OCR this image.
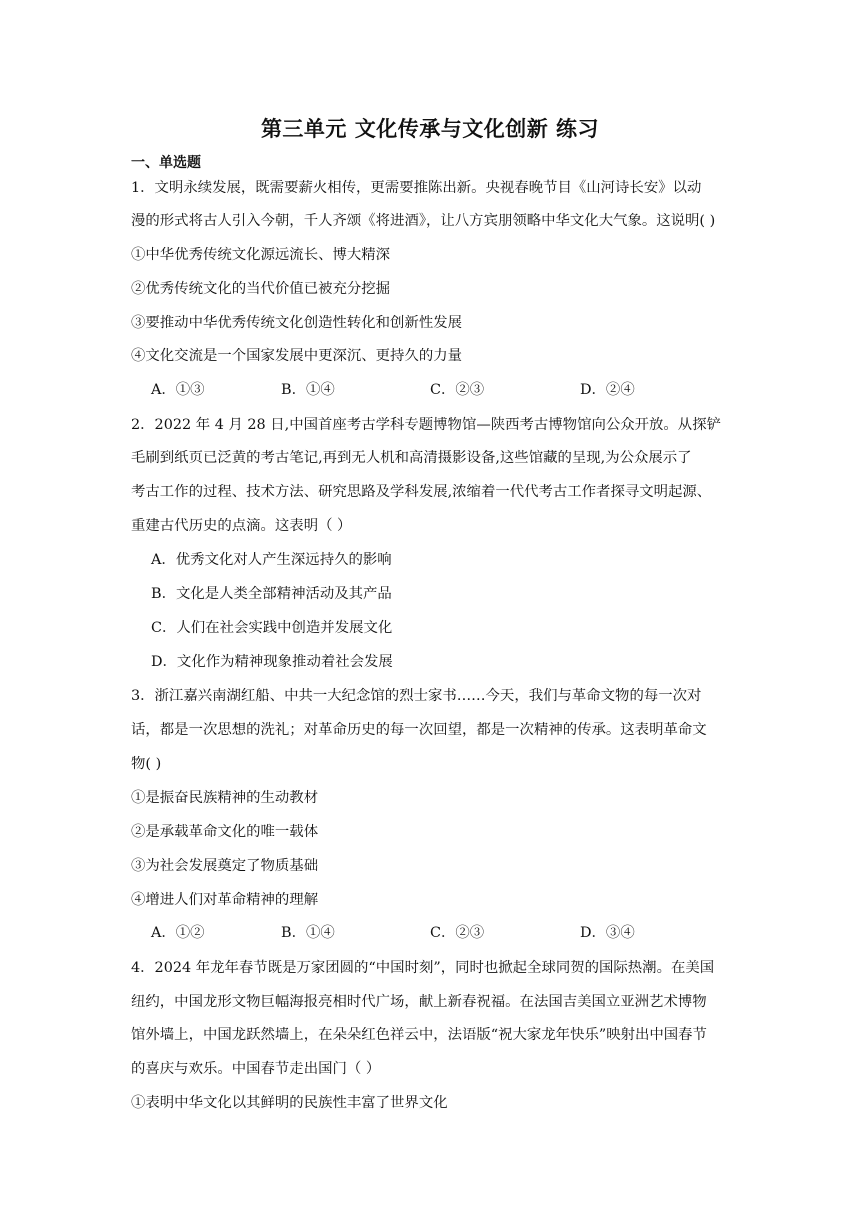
第三单元 文化传承与文化创新 练习
一、单选题
1．文明永续发展，既需要薪火相传，更需要推陈出新。央视春晚节目《山河诗长安》以动
漫的形式将古人引入今朝，千人齐颂《将进酒》，让八方宾朋领略中华文化大气象。这说明( )
①中华优秀传统文化源远流长、博大精深
②优秀传统文化的当代价值已被充分挖掘
③要推动中华优秀传统文化创造性转化和创新性发展
④文化交流是一个国家发展中更深沉、更持久的力量
A．①③	B．①④	C．②③	D．②④
2．2022 年 4 月 28 日,中国首座考古学科专题博物馆—陕西考古博物馆向公众开放。从探铲
毛刷到纸页已泛黄的考古笔记,再到无人机和高清摄影设备,这些馆藏的呈现,为公众展示了
考古工作的过程、技术方法、研究思路及学科发展,浓缩着一代代考古工作者探寻文明起源、
重建古代历史的点滴。这表明（ ）
A．优秀文化对人产生深远持久的影响
B．文化是人类全部精神活动及其产品
C．人们在社会实践中创造并发展文化
D．文化作为精神现象推动着社会发展
3．浙江嘉兴南湖红船、中共一大纪念馆的烈士家书……今天，我们与革命文物的每一次对
话，都是一次思想的洗礼；对革命历史的每一次回望，都是一次精神的传承。这表明革命文
物( )
①是振奋民族精神的生动教材
②是承载革命文化的唯一载体
③为社会发展奠定了物质基础
④增进人们对革命精神的理解
A．①②	B．①④	C．②③	D．③④
4．2024 年龙年春节既是万家团圆的“中国时刻”，同时也掀起全球同贺的国际热潮。在美国
纽约，中国龙形文物巨幅海报亮相时代广场，献上新春祝福。在法国吉美国立亚洲艺术博物
馆外墙上，中国龙跃然墙上，在朵朵红色祥云中，法语版“祝大家龙年快乐”映射出中国春节
的喜庆与欢乐。中国春节走出国门（ ）
①表明中华文化以其鲜明的民族性丰富了世界文化
